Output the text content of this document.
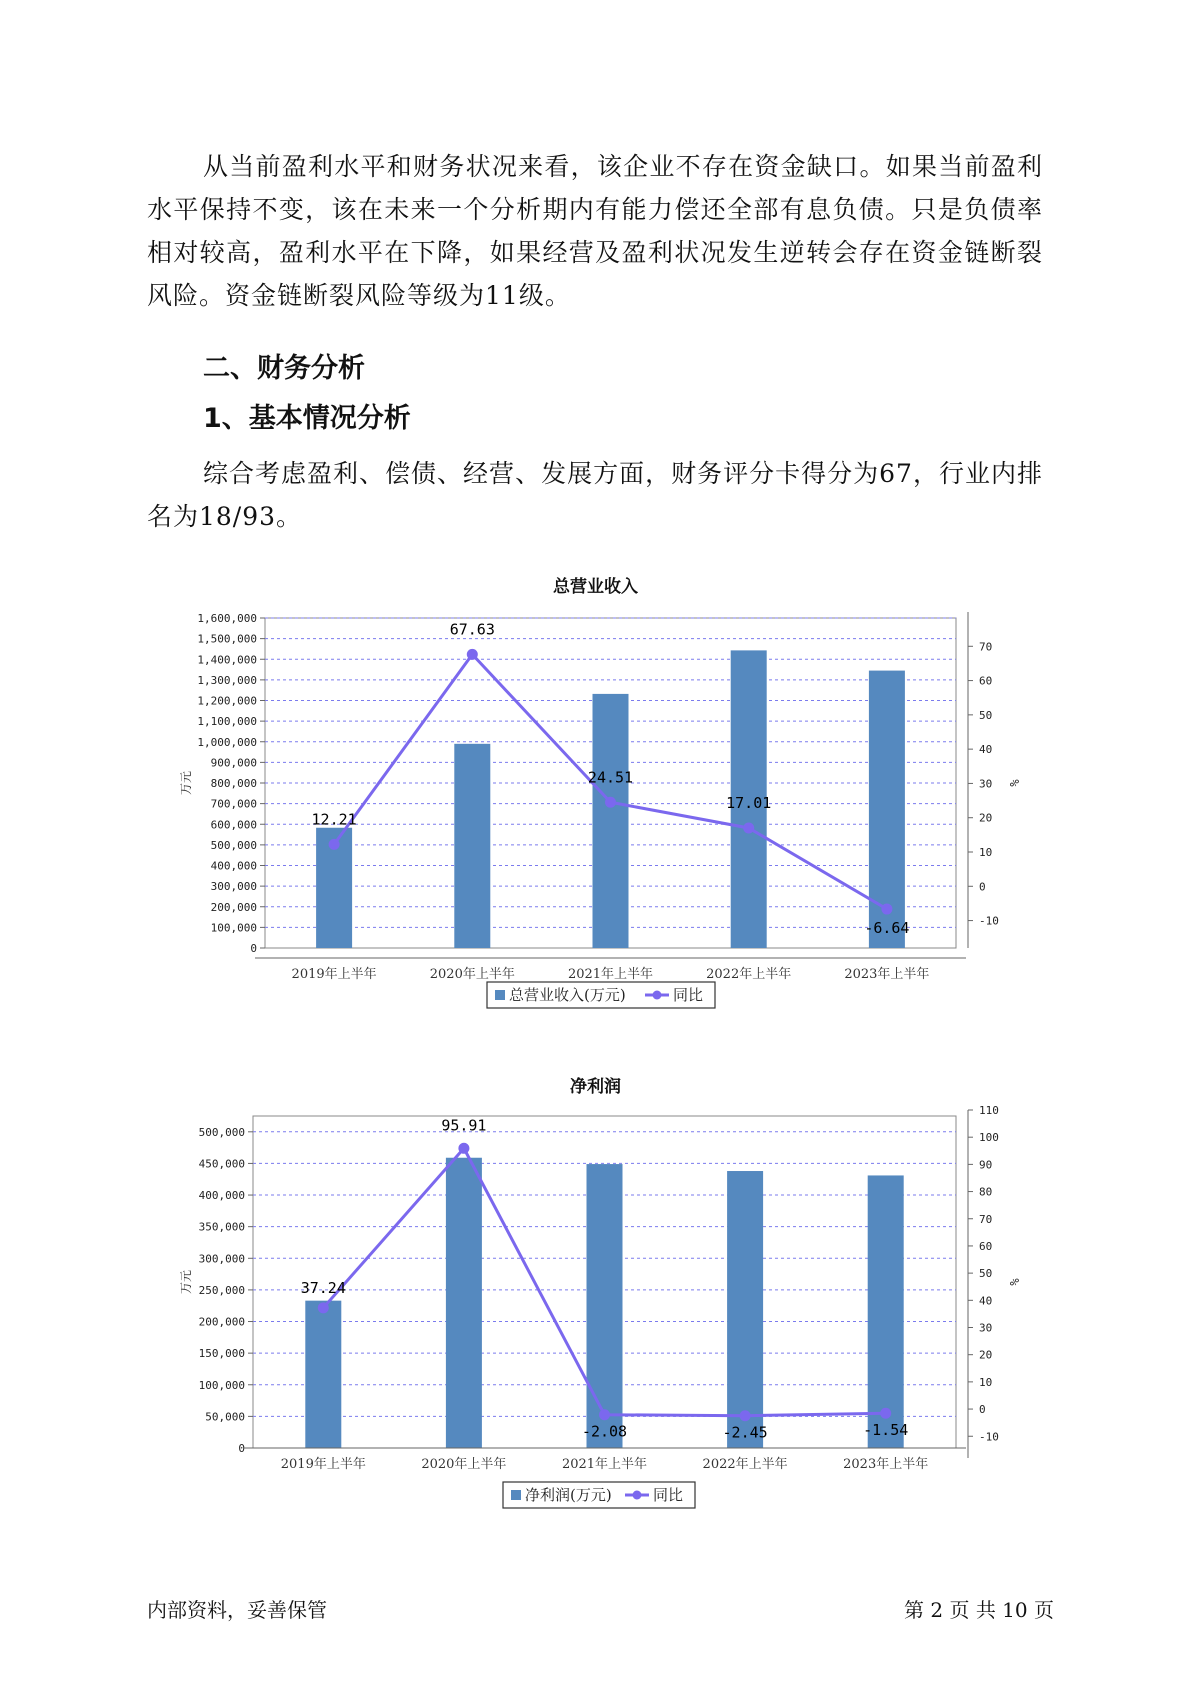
从当前盈利水平和财务状况来看，该企业不存在资金缺口。如果当前盈利水平保持不变，该在未来一个分析期内有能力偿还全部有息负债。只是负债率相对较高，盈利水平在下降，如果经营及盈利状况发生逆转会存在资金链断裂风险。资金链断裂风险等级为11级。

二、财务分析
1、基本情况分析

综合考虑盈利、偿债、经营、发展方面，财务评分卡得分为67，行业内排名为18/93。

总营业收入
0
100,000
200,000
300,000
400,000
500,000
600,000
700,000
800,000
900,000
1,000,000
1,100,000
1,200,000
1,300,000
1,400,000
1,500,000
1,600,000
-10
0
10
20
30
40
50
60
70
万元	%
2019年上半年	2020年上半年	2021年上半年	2022年上半年	2023年上半年
12.21
67.63
24.51
17.01
-6.64
总营业收入(万元)	同比
净利润
0
50,000
100,000
150,000
200,000
250,000
300,000
350,000
400,000
450,000
500,000
-10
0
10
20
30
40
50
60
70
80
90
100
110
万元	%
2019年上半年	2020年上半年	2021年上半年	2022年上半年	2023年上半年
37.24
95.91
-2.08	-2.45	-1.54
净利润(万元)	同比
内部资料，妥善保管	第 2 页 共 10 页
